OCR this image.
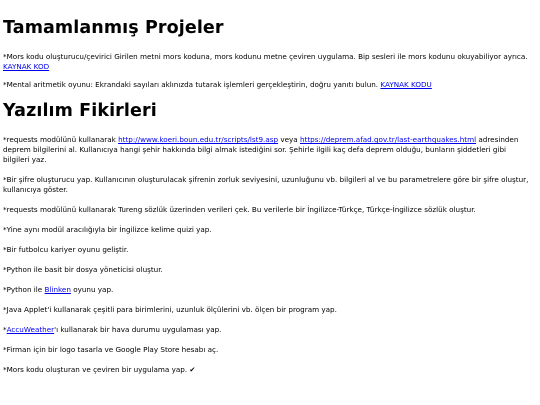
Tamamlanmış Projeler

*Mors kodu oluşturucu/çevirici Girilen metni mors koduna, mors kodunu metne çeviren uygulama. Bip sesleri ile mors kodunu okuyabiliyor ayrıca. KAYNAK KOD

*Mental aritmetik oyunu: Ekrandaki sayıları aklınızda tutarak işlemleri gerçekleştirin, doğru yanıtı bulun. KAYNAK KODU

Yazılım Fikirleri

*requests modülünü kullanarak http://www.koeri.boun.edu.tr/scripts/lst9.asp veya https://deprem.afad.gov.tr/last-earthquakes.html adresinden deprem bilgilerini al. Kullanıcıya hangi şehir hakkında bilgi almak istediğini sor. Şehirle ilgili kaç defa deprem olduğu, bunların şiddetleri gibi bilgileri yaz.

*Bir şifre oluşturucu yap. Kullanıcının oluşturulacak şifrenin zorluk seviyesini, uzunluğunu vb. bilgileri al ve bu parametrelere göre bir şifre oluştur, kullanıcıya göster.

*requests modülünü kullanarak Tureng sözlük üzerinden verileri çek. Bu verilerle bir İngilizce-Türkçe, Türkçe-İngilizce sözlük oluştur.

*Yine aynı modül aracılığıyla bir İngilizce kelime quizi yap.

*Bir futbolcu kariyer oyunu geliştir.

*Python ile basit bir dosya yöneticisi oluştur.

*Python ile Blinken oyunu yap.

*Java Applet'i kullanarak çeşitli para birimlerini, uzunluk ölçülerini vb. ölçen bir program yap.

*AccuWeather'ı kullanarak bir hava durumu uygulaması yap.

*Firman için bir logo tasarla ve Google Play Store hesabı aç.

*Mors kodu oluşturan ve çeviren bir uygulama yap. ✔
